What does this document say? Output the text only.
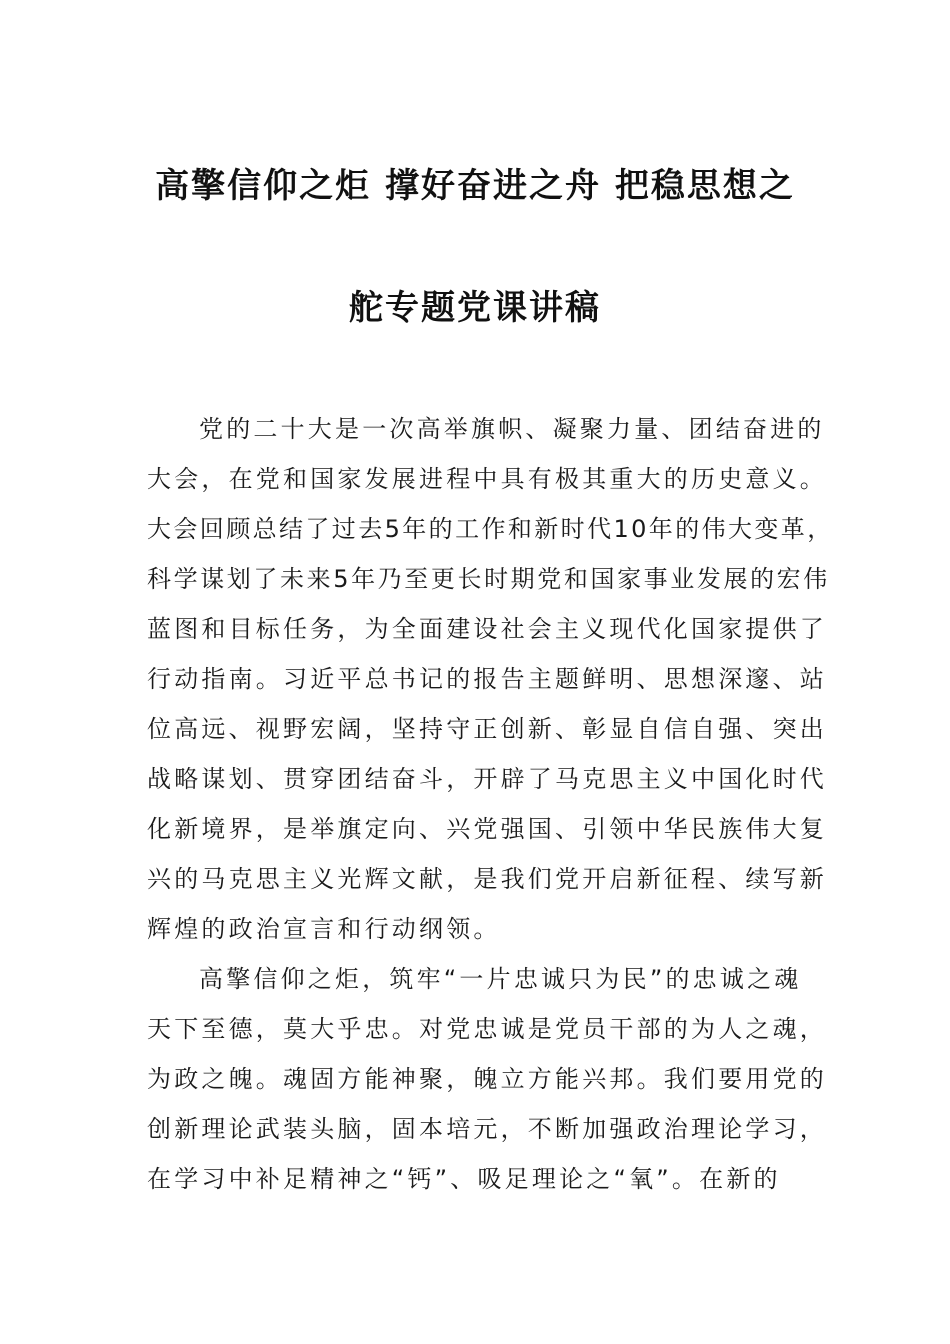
高擎信仰之炬 撑好奋进之舟 把稳思想之
舵专题党课讲稿
党的二十大是一次高举旗帜、凝聚力量、团结奋进的
大会，在党和国家发展进程中具有极其重大的历史意义。
大会回顾总结了过去5年的工作和新时代10年的伟大变革，
科学谋划了未来5年乃至更长时期党和国家事业发展的宏伟
蓝图和目标任务，为全面建设社会主义现代化国家提供了
行动指南。习近平总书记的报告主题鲜明、思想深邃、站
位高远、视野宏阔，坚持守正创新、彰显自信自强、突出
战略谋划、贯穿团结奋斗，开辟了马克思主义中国化时代
化新境界，是举旗定向、兴党强国、引领中华民族伟大复
兴的马克思主义光辉文献，是我们党开启新征程、续写新
辉煌的政治宣言和行动纲领。
高擎信仰之炬，筑牢“一片忠诚只为民”的忠诚之魂
天下至德，莫大乎忠。对党忠诚是党员干部的为人之魂，
为政之魄。魂固方能神聚，魄立方能兴邦。我们要用党的
创新理论武装头脑，固本培元，不断加强政治理论学习，
在学习中补足精神之“钙”、吸足理论之“氧”。在新的
